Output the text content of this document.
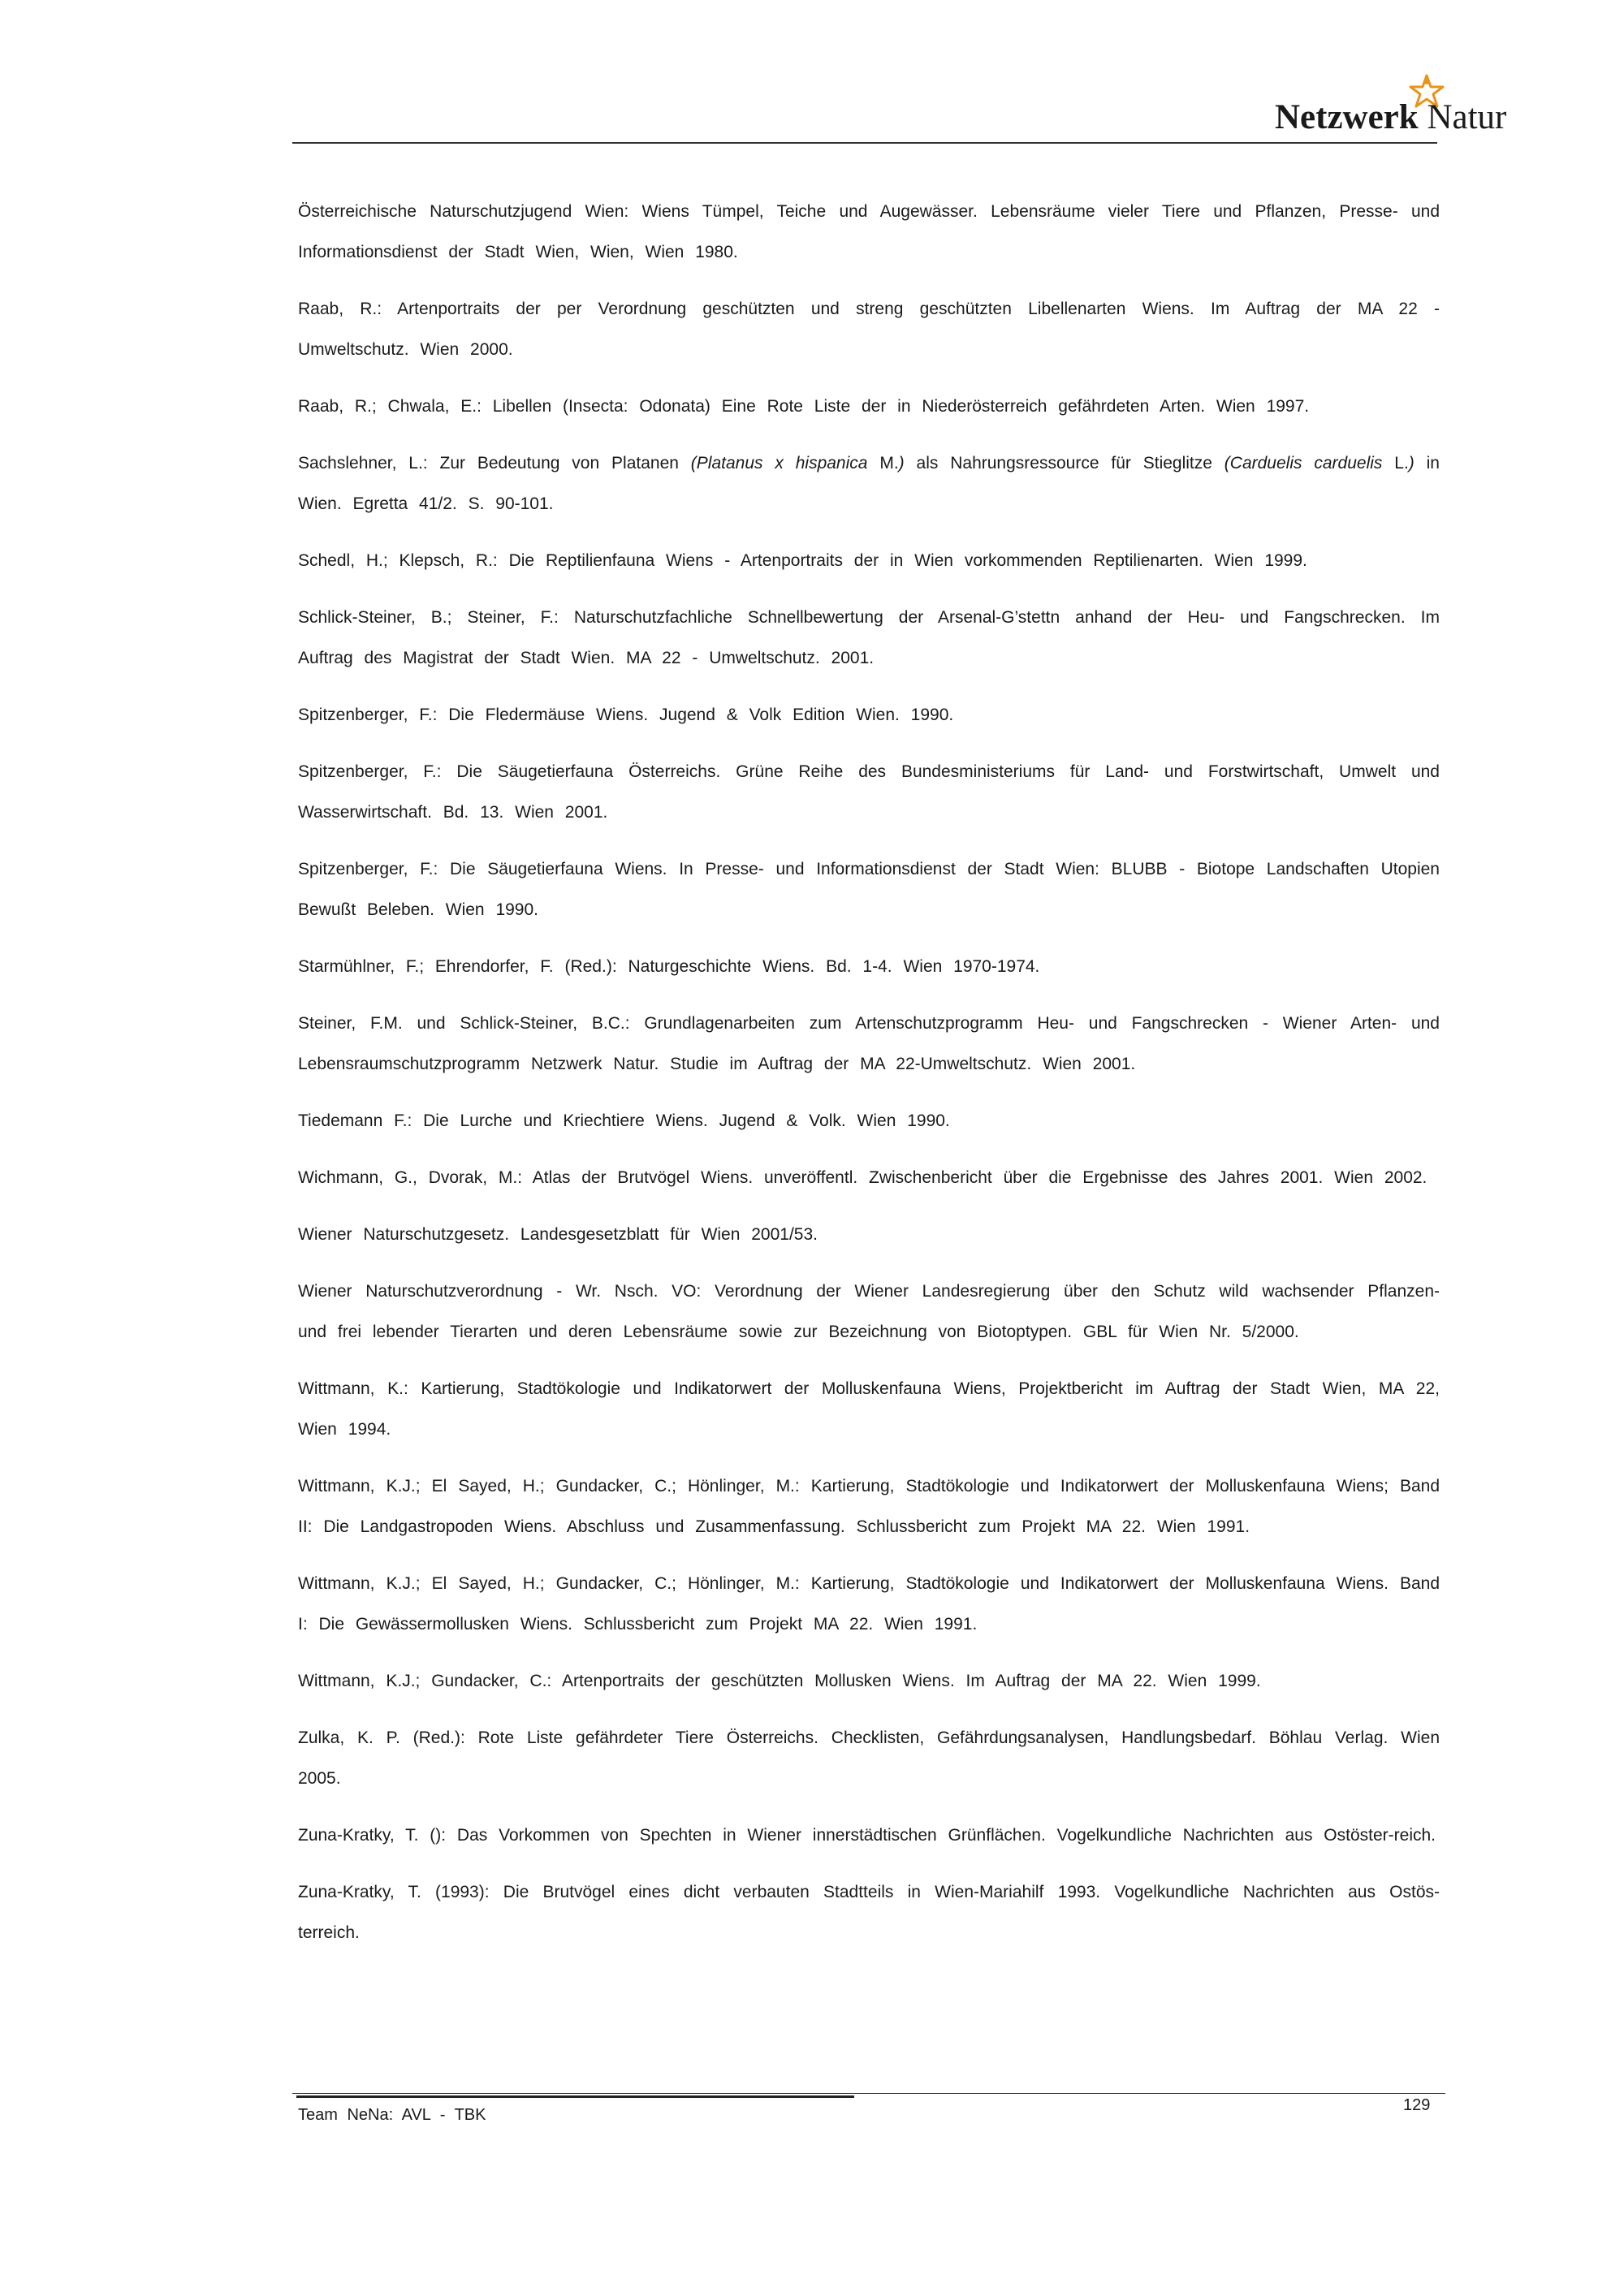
Netzwerk Natur

Österreichische Naturschutzjugend Wien: Wiens Tümpel, Teiche und Augewässer. Lebensräume vieler Tiere und Pflanzen, Presse- und Informationsdienst der Stadt Wien, Wien, Wien 1980.

Raab, R.: Artenportraits der per Verordnung geschützten und streng geschützten Libellenarten Wiens. Im Auftrag der MA 22 - Umweltschutz. Wien 2000.

Raab, R.; Chwala, E.: Libellen (Insecta: Odonata) Eine Rote Liste der in Niederösterreich gefährdeten Arten. Wien 1997.

Sachslehner, L.: Zur Bedeutung von Platanen (Platanus x hispanica M.) als Nahrungsressource für Stieglitze (Carduelis carduelis L.) in Wien. Egretta 41/2. S. 90-101.

Schedl, H.; Klepsch, R.: Die Reptilienfauna Wiens - Artenportraits der in Wien vorkommenden Reptilienarten. Wien 1999.

Schlick-Steiner, B.; Steiner, F.: Naturschutzfachliche Schnellbewertung der Arsenal-G’stettn anhand der Heu- und Fangschrecken. Im Auftrag des Magistrat der Stadt Wien. MA 22 - Umweltschutz. 2001.

Spitzenberger, F.: Die Fledermäuse Wiens. Jugend & Volk Edition Wien. 1990.

Spitzenberger, F.: Die Säugetierfauna Österreichs. Grüne Reihe des Bundesministeriums für Land- und Forstwirtschaft, Umwelt und Wasserwirtschaft. Bd. 13. Wien 2001.

Spitzenberger, F.: Die Säugetierfauna Wiens. In Presse- und Informationsdienst der Stadt Wien: BLUBB - Biotope Landschaften Utopien Bewußt Beleben. Wien 1990.

Starmühlner, F.; Ehrendorfer, F. (Red.): Naturgeschichte Wiens. Bd. 1-4. Wien 1970-1974.

Steiner, F.M. und Schlick-Steiner, B.C.: Grundlagenarbeiten zum Artenschutzprogramm Heu- und Fangschrecken - Wiener Arten- und Lebensraumschutzprogramm Netzwerk Natur. Studie im Auftrag der MA 22-Umweltschutz. Wien 2001.

Tiedemann F.: Die Lurche und Kriechtiere Wiens. Jugend & Volk. Wien 1990.

Wichmann, G., Dvorak, M.: Atlas der Brutvögel Wiens. unveröffentl. Zwischenbericht über die Ergebnisse des Jahres 2001. Wien 2002.

Wiener Naturschutzgesetz. Landesgesetzblatt für Wien 2001/53.

Wiener Naturschutzverordnung - Wr. Nsch. VO: Verordnung der Wiener Landesregierung über den Schutz wild wachsender Pflanzen- und frei lebender Tierarten und deren Lebensräume sowie zur Bezeichnung von Biotoptypen. GBL für Wien Nr. 5/2000.

Wittmann, K.: Kartierung, Stadtökologie und Indikatorwert der Molluskenfauna Wiens, Projektbericht im Auftrag der Stadt Wien, MA 22, Wien 1994.

Wittmann, K.J.; El Sayed, H.; Gundacker, C.; Hönlinger, M.: Kartierung, Stadtökologie und Indikatorwert der Molluskenfauna Wiens; Band II: Die Landgastropoden Wiens. Abschluss und Zusammenfassung. Schlussbericht zum Projekt MA 22. Wien 1991.

Wittmann, K.J.; El Sayed, H.; Gundacker, C.; Hönlinger, M.: Kartierung, Stadtökologie und Indikatorwert der Molluskenfauna Wiens. Band I: Die Gewässermollusken Wiens. Schlussbericht zum Projekt MA 22. Wien 1991.

Wittmann, K.J.; Gundacker, C.: Artenportraits der geschützten Mollusken Wiens. Im Auftrag der MA 22. Wien 1999.

Zulka, K. P. (Red.): Rote Liste gefährdeter Tiere Österreichs. Checklisten, Gefährdungsanalysen, Handlungsbedarf. Böhlau Verlag. Wien 2005.

Zuna-Kratky, T. (): Das Vorkommen von Spechten in Wiener innerstädtischen Grünflächen. Vogelkundliche Nachrichten aus Ostöster-reich.

Zuna-Kratky, T. (1993): Die Brutvögel eines dicht verbauten Stadtteils in Wien-Mariahilf 1993. Vogelkundliche Nachrichten aus Ostös-terreich.

Team NeNa: AVL - TBK
129
